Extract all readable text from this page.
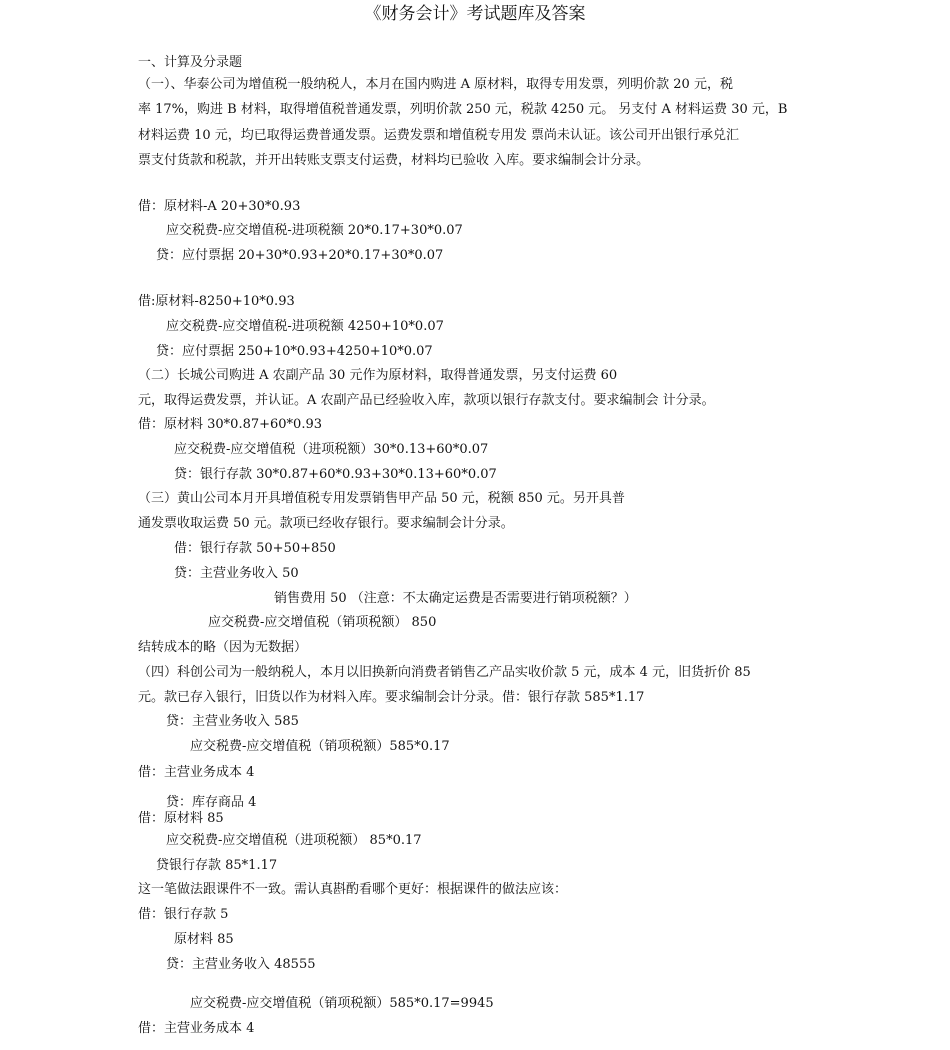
《财务会计》考试题库及答案
一、计算及分录题
（一）、华泰公司为增值税一般纳税人，本月在国内购进 A 原材料，取得专用发票，列明价款 20 元，税
率 17%，购进 B 材料，取得增值税普通发票，列明价款 250 元，税款 4250 元。 另支付 A 材料运费 30 元，B
材料运费 10 元，均已取得运费普通发票。运费发票和增值税专用发 票尚未认证。该公司开出银行承兑汇
票支付货款和税款，并开出转账支票支付运费，材料均已验收 入库。要求编制会计分录。
借：原材料-A 20+30*0.93
应交税费-应交增值税-进项税额 20*0.17+30*0.07
贷：应付票据 20+30*0.93+20*0.17+30*0.07
借:原材料-8250+10*0.93
应交税费-应交增值税-进项税额 4250+10*0.07
贷：应付票据 250+10*0.93+4250+10*0.07
（二）长城公司购进 A 农副产品 30 元作为原材料，取得普通发票，另支付运费 60
元，取得运费发票，并认证。A 农副产品已经验收入库，款项以银行存款支付。要求编制会 计分录。
借：原材料 30*0.87+60*0.93
应交税费-应交增值税（进项税额）30*0.13+60*0.07
贷：银行存款 30*0.87+60*0.93+30*0.13+60*0.07
（三）黄山公司本月开具增值税专用发票销售甲产品 50 元，税额 850 元。另开具普
通发票收取运费 50 元。款项已经收存银行。要求编制会计分录。
借：银行存款 50+50+850
贷：主营业务收入 50
销售费用 50 （注意：不太确定运费是否需要进行销项税额？）
应交税费-应交增值税（销项税额） 850
结转成本的略（因为无数据）
（四）科创公司为一般纳税人，本月以旧换新向消费者销售乙产品实收价款 5 元，成本 4 元，旧货折价 85
元。款已存入银行，旧货以作为材料入库。要求编制会计分录。借：银行存款 585*1.17
贷：主营业务收入 585
应交税费-应交增值税（销项税额）585*0.17
借：主营业务成本 4
贷：库存商品 4
借：原材料 85
应交税费-应交增值税（进项税额） 85*0.17
贷银行存款 85*1.17
这一笔做法跟课件不一致。需认真斟酌看哪个更好：根据课件的做法应该：
借：银行存款 5
原材料 85
贷：主营业务收入 48555
应交税费-应交增值税（销项税额）585*0.17=9945
借：主营业务成本 4
